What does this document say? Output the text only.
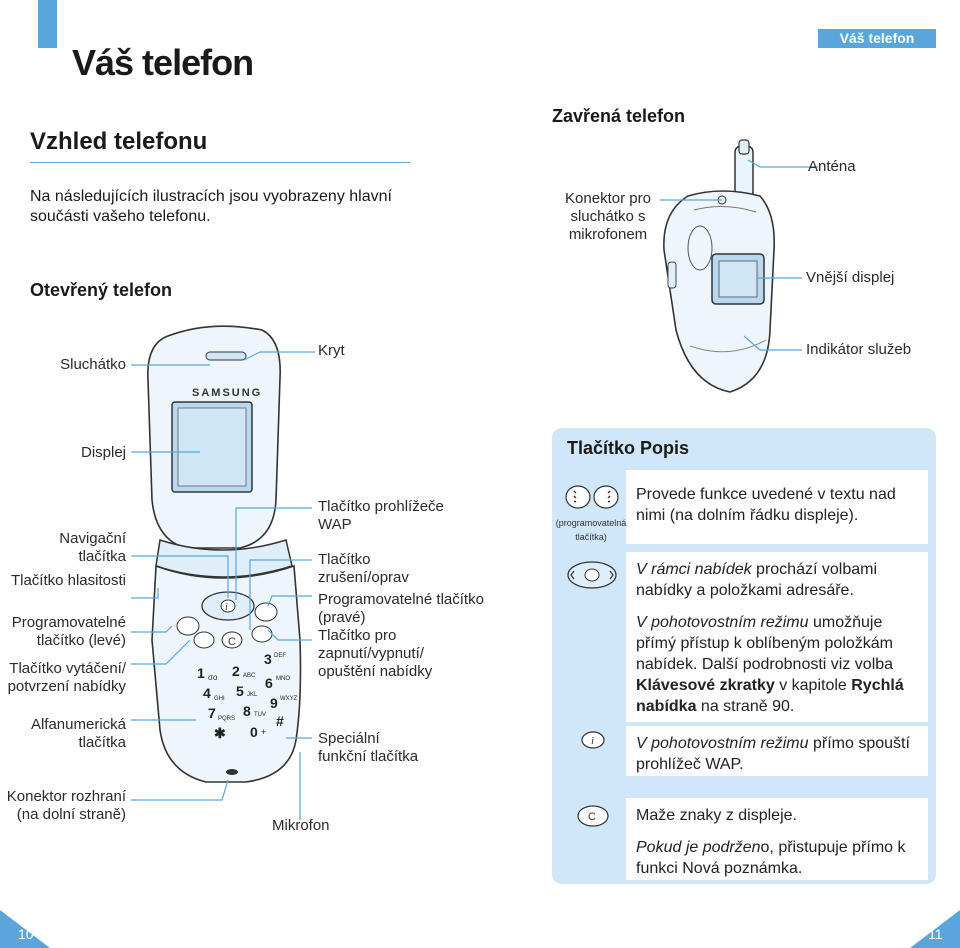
Váš telefon
Váš telefon
Vzhled telefonu
Na následujících ilustracích jsou vyobrazeny hlavní součásti vašeho telefonu.
Zavřená telefon
Otevřený telefon
SAMSUNG
i
C
1 σο 2 ABC
3 DEF
4 GHI 5 JKL
6 MNO
7 PQRS 8 TUV
9 WXYZ
✱ 0 +
#
Anténa
Konektor pro sluchátko s mikrofonem
Vnější displej
Indikátor služeb
Sluchátko
Kryt
Displej
Navigační tlačítka
Tlačítko hlasitosti
Programovatelné tlačítko (levé)
Tlačítko vytáčení/ potvrzení nabídky
Alfanumerická tlačítka
Konektor rozhraní (na dolní straně)
Tlačítko prohlížeče WAP
Tlačítko zrušení/oprav
Programovatelné tlačítko (pravé)
Tlačítko pro zapnutí/vypnutí/ opuštění nabídky
Speciální funkční tlačítka
Mikrofon
Tlačítko Popis
(programovatelná tlačítka)
i
C
Provede funkce uvedené v textu nad nimi (na dolním řádku displeje).
V rámci nabídek prochází volbami nabídky a položkami adresáře.
V pohotovostním režimu umožňuje přímý přístup k oblíbeným položkám nabídek. Další podrobnosti viz volba Klávesové zkratky v kapitole Rychlá nabídka na straně 90.
V pohotovostním režimu přímo spouští prohlížeč WAP.
Maže znaky z displeje.
Pokud je podrženo, přistupuje přímo k funkci Nová poznámka.
10	11
